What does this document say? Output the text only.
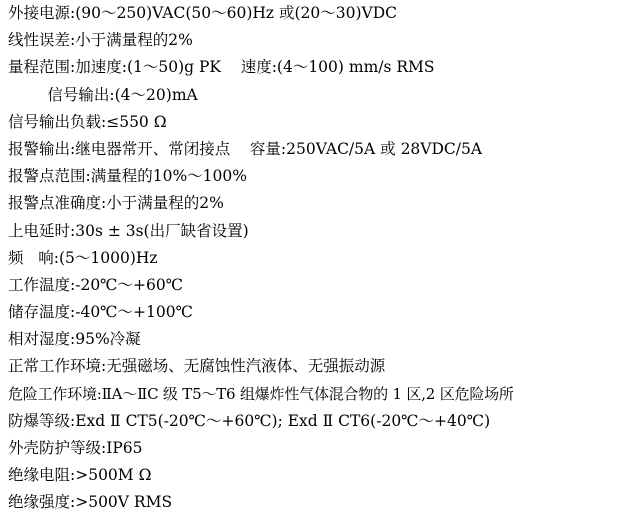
外接电源:(90～250)VAC(50～60)Hz 或(20～30)VDC
线性误差:小于满量程的2%
量程范围:加速度:(1～50)g PK    速度:(4～100) mm/s RMS
信号输出:(4～20)mA
信号输出负载:≤550 Ω
报警输出:继电器常开、常闭接点    容量:250VAC/5A 或 28VDC/5A
报警点范围:满量程的10%～100%
报警点准确度:小于满量程的2%
上电延时:30s ± 3s(出厂缺省设置)
频   响:(5～1000)Hz
工作温度:-20℃～+60℃
储存温度:-40℃～+100℃
相对湿度:95%冷凝
正常工作环境:无强磁场、无腐蚀性汽液体、无强振动源
危险工作环境:ⅡA～ⅡC 级 T5～T6 组爆炸性气体混合物的 1 区,2 区危险场所
防爆等级:Exd Ⅱ CT5(-20℃～+60℃); Exd Ⅱ CT6(-20℃～+40℃)
外壳防护等级:IP65
绝缘电阻:>500M Ω
绝缘强度:>500V RMS
